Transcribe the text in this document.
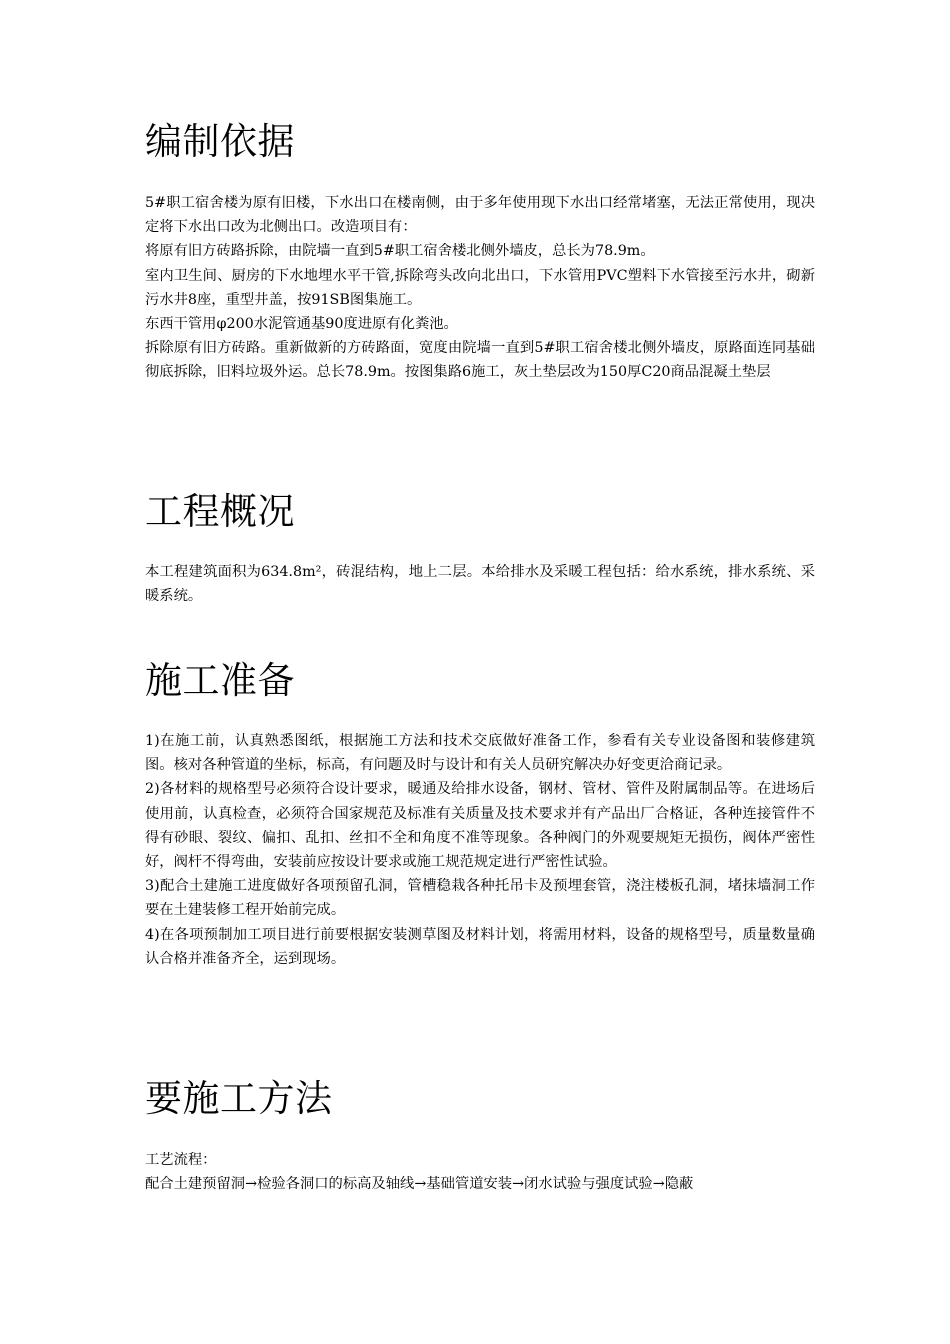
编制依据

5#职工宿舍楼为原有旧楼，下水出口在楼南侧，由于多年使用现下水出口经常堵塞，无法正常使用，现决定将下水出口改为北侧出口。改造项目有：

将原有旧方砖路拆除，由院墙一直到5#职工宿舍楼北侧外墙皮，总长为78.9m。

室内卫生间、厨房的下水地埋水平干管,拆除弯头改向北出口，下水管用PVC塑料下水管接至污水井，砌新污水井8座，重型井盖，按91SB图集施工。

东西干管用φ200水泥管通基90度进原有化粪池。

拆除原有旧方砖路。重新做新的方砖路面，宽度由院墙一直到5#职工宿舍楼北侧外墙皮，原路面连同基础彻底拆除，旧料垃圾外运。总长78.9m。按图集路6施工，灰土垫层改为150厚C20商品混凝土垫层

工程概况

本工程建筑面积为634.8m²，砖混结构，地上二层。本给排水及采暖工程包括：给水系统，排水系统、采暖系统。

施工准备

1)在施工前，认真熟悉图纸，根据施工方法和技术交底做好准备工作，参看有关专业设备图和装修建筑图。核对各种管道的坐标，标高，有问题及时与设计和有关人员研究解决办好变更洽商记录。

2)各材料的规格型号必须符合设计要求，暖通及给排水设备，钢材、管材、管件及附属制品等。在进场后使用前，认真检查，必须符合国家规范及标准有关质量及技术要求并有产品出厂合格证，各种连接管件不得有砂眼、裂纹、偏扣、乱扣、丝扣不全和角度不准等现象。各种阀门的外观要规矩无损伤，阀体严密性好，阀杆不得弯曲，安装前应按设计要求或施工规范规定进行严密性试验。

3)配合土建施工进度做好各项预留孔洞，管槽稳栽各种托吊卡及预埋套管，浇注楼板孔洞，堵抹墙洞工作要在土建装修工程开始前完成。

4)在各项预制加工项目进行前要根据安装测草图及材料计划，将需用材料，设备的规格型号，质量数量确认合格并准备齐全，运到现场。

要施工方法

工艺流程：

配合土建预留洞→检验各洞口的标高及轴线→基础管道安装→闭水试验与强度试验→隐蔽
